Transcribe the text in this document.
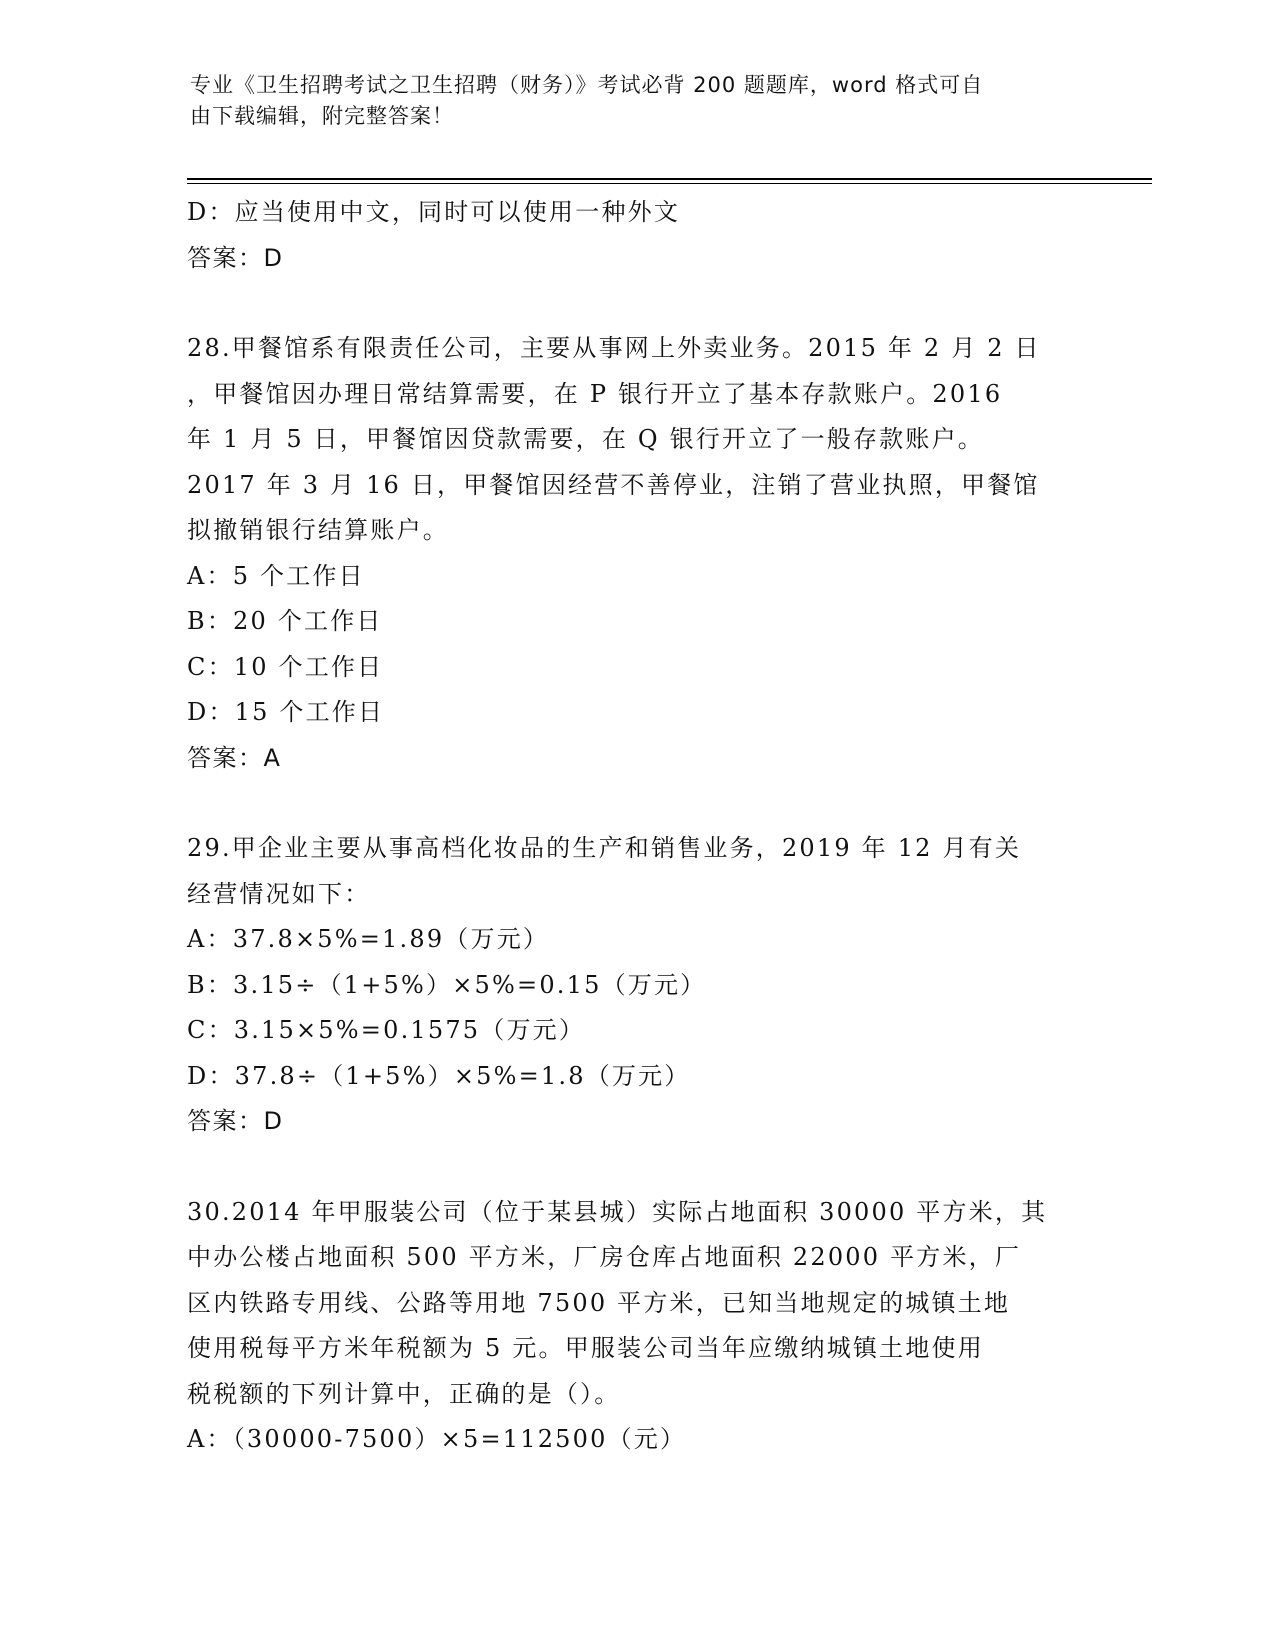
专业《卫生招聘考试之卫生招聘（财务）》考试必背 200 题题库，word 格式可自
由下载编辑，附完整答案！
D：应当使用中文，同时可以使用一种外文
答案：D
28.甲餐馆系有限责任公司，主要从事网上外卖业务。2015 年 2 月 2 日
，甲餐馆因办理日常结算需要，在 P 银行开立了基本存款账户。2016
年 1 月 5 日，甲餐馆因贷款需要，在 Q 银行开立了一般存款账户。
2017 年 3 月 16 日，甲餐馆因经营不善停业，注销了营业执照，甲餐馆
拟撤销银行结算账户。
A：5 个工作日
B：20 个工作日
C：10 个工作日
D：15 个工作日
答案：A
29.甲企业主要从事高档化妆品的生产和销售业务，2019 年 12 月有关
经营情况如下：
A：37.8×5%=1.89（万元）
B：3.15÷（1+5%）×5%=0.15（万元）
C：3.15×5%=0.1575（万元）
D：37.8÷（1+5%）×5%=1.8（万元）
答案：D
30.2014 年甲服装公司（位于某县城）实际占地面积 30000 平方米，其
中办公楼占地面积 500 平方米，厂房仓库占地面积 22000 平方米，厂
区内铁路专用线、公路等用地 7500 平方米，已知当地规定的城镇土地
使用税每平方米年税额为 5 元。甲服装公司当年应缴纳城镇土地使用
税税额的下列计算中，正确的是（）。
A：（30000-7500）×5=112500（元）
